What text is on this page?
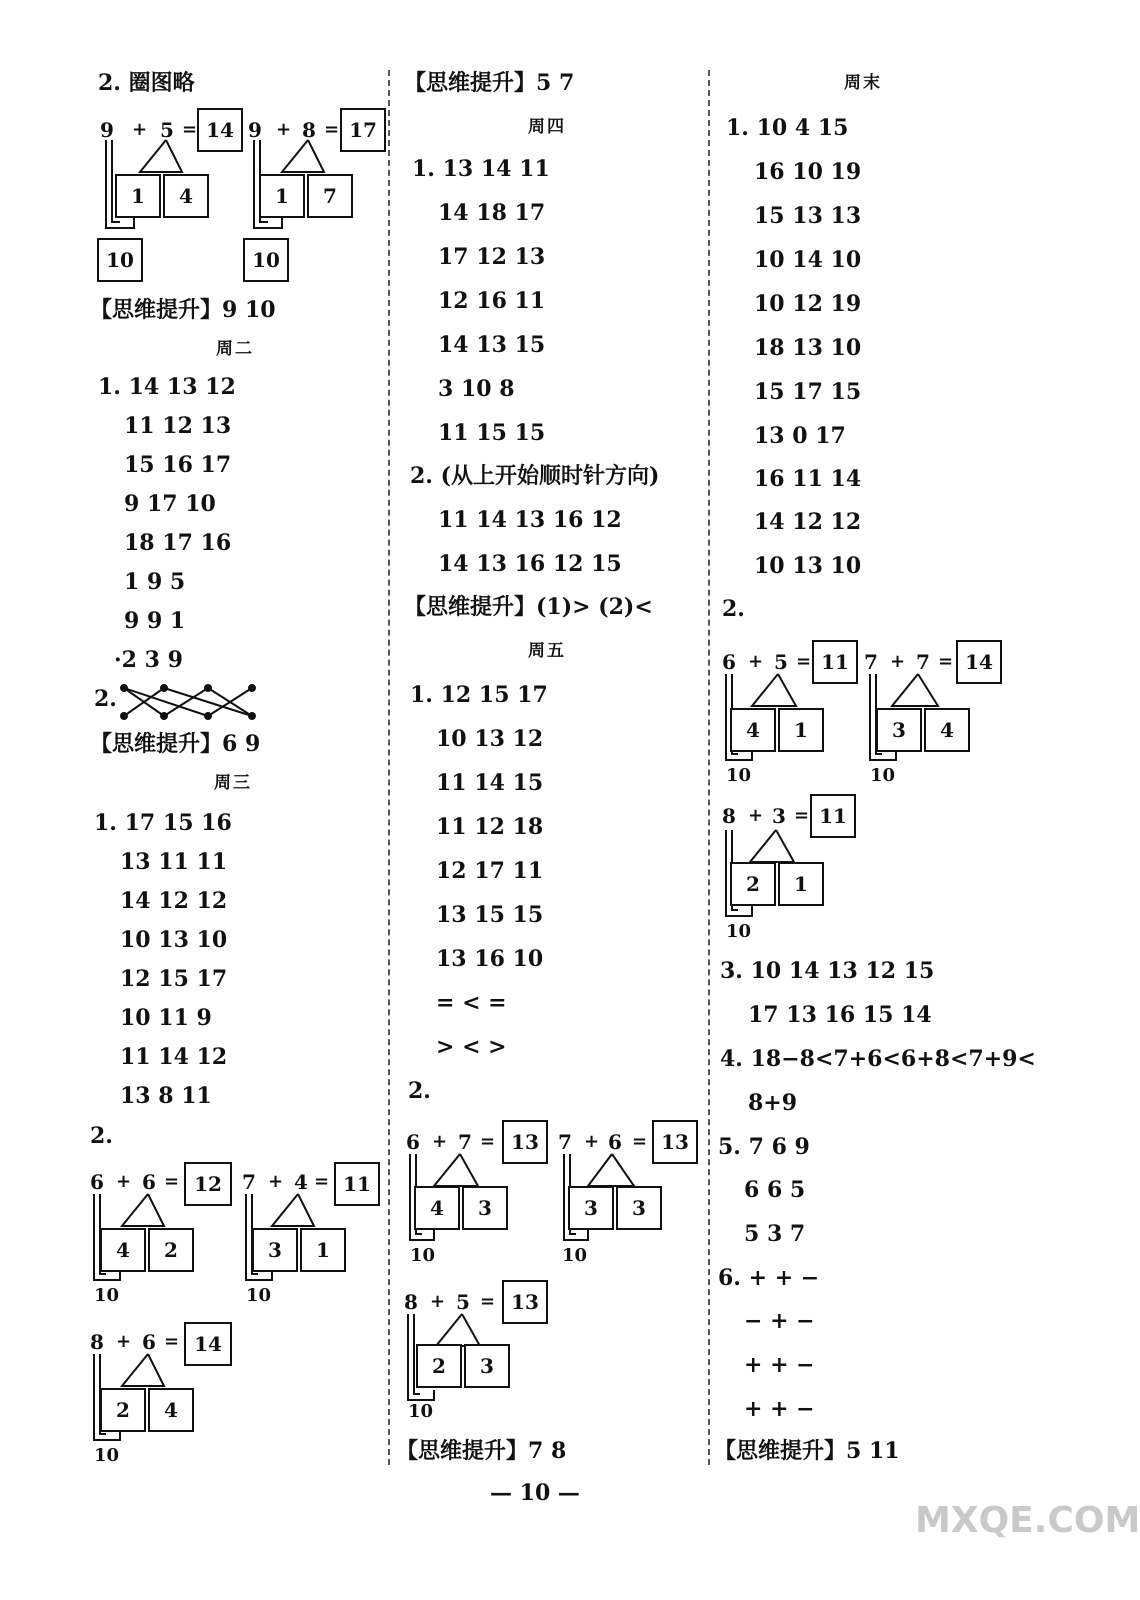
2. 圈图略
9 + 5 = 14
1	4
10
9 + 8 = 17
1	7
10
【思维提升】9 10
周二
1. 14 13 12
11 12 13
15 16 17
9 17 10
18 17 16
1 9 5
9 9 1
·2 3 9
2.
【思维提升】6 9
周三
1. 17 15 16
13 11 11
14 12 12
10 13 10
12 15 17
10 11 9
11 14 12
13 8 11
2.
6 + 6 = 12
4	2
10
7 + 4 = 11
3	1
10
8 + 6 = 14
2	4
10
【思维提升】5 7
周四
1. 13 14 11
14 18 17
17 12 13
12 16 11
14 13 15
3 10 8
11 15 15
2. (从上开始顺时针方向)
11 14 13 16 12
14 13 16 12 15
【思维提升】(1)> (2)<
周五
1. 12 15 17
10 13 12
11 14 15
11 12 18
12 17 11
13 15 15
13 16 10
= < =
> < >
2.
6 + 7 = 13
4	3
10
7 + 6 = 13
3	3
10
8 + 5 = 13
2	3
10
【思维提升】7 8
周末
1. 10 4 15
16 10 19
15 13 13
10 14 10
10 12 19
18 13 10
15 17 15
13 0 17
16 11 14
14 12 12
10 13 10
2.
6 + 5 = 11
4	1
10
7 + 7 = 14
3	4
10
8 + 3 = 11
2	1
10
3. 10 14 13 12 15
17 13 16 15 14
4. 18−8<7+6<6+8<7+9<
8+9
5. 7 6 9
6 6 5
5 3 7
6. + + −
− + −
+ + −
+ + −
【思维提升】5 11
— 10 —
MXQE.COM
